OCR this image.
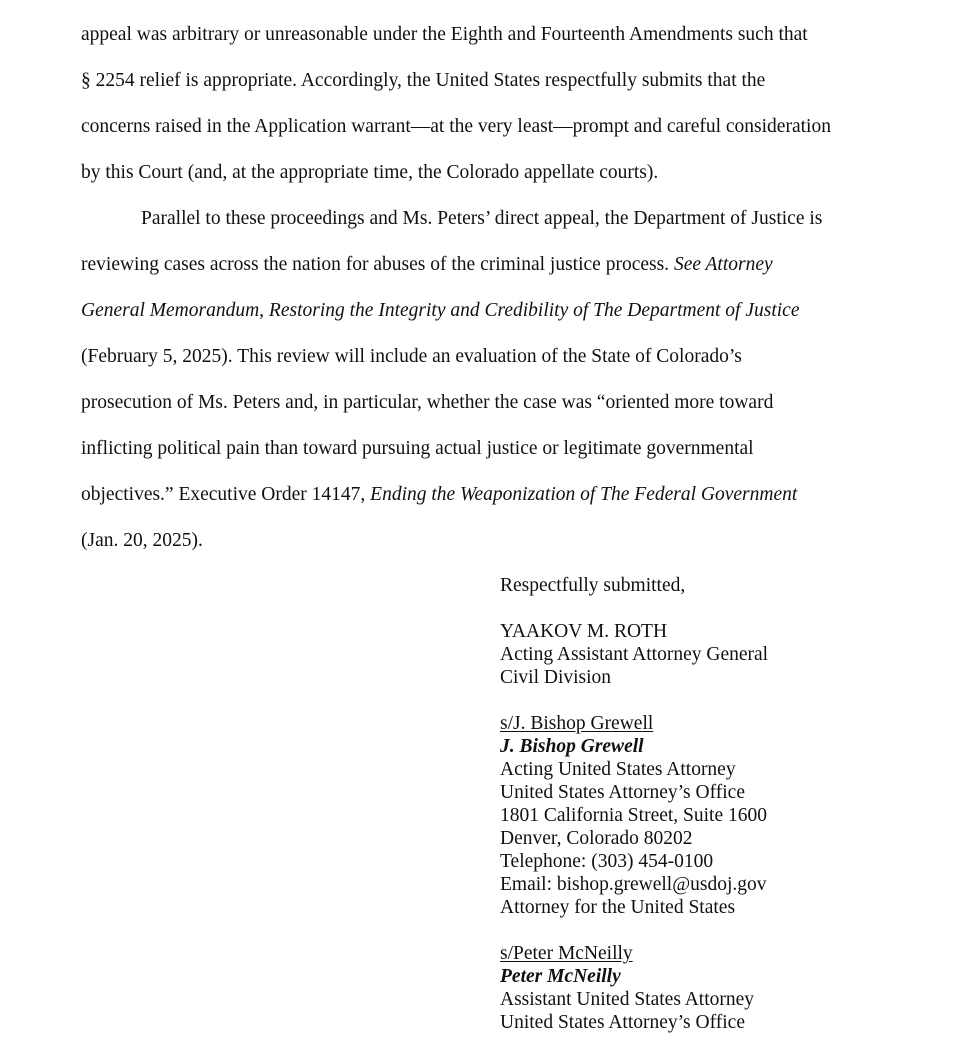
appeal was arbitrary or unreasonable under the Eighth and Fourteenth Amendments such that
§ 2254 relief is appropriate. Accordingly, the United States respectfully submits that the
concerns raised in the Application warrant—at the very least—prompt and careful consideration
by this Court (and, at the appropriate time, the Colorado appellate courts).
Parallel to these proceedings and Ms. Peters’ direct appeal, the Department of Justice is
reviewing cases across the nation for abuses of the criminal justice process. See Attorney
General Memorandum, Restoring the Integrity and Credibility of The Department of Justice
(February 5, 2025). This review will include an evaluation of the State of Colorado’s
prosecution of Ms. Peters and, in particular, whether the case was “oriented more toward
inflicting political pain than toward pursuing actual justice or legitimate governmental
objectives.” Executive Order 14147, Ending the Weaponization of The Federal Government
(Jan. 20, 2025).
Respectfully submitted,
YAAKOV M. ROTH
Acting Assistant Attorney General
Civil Division
s/J. Bishop Grewell
J. Bishop Grewell
Acting United States Attorney
United States Attorney’s Office
1801 California Street, Suite 1600
Denver, Colorado 80202
Telephone: (303) 454-0100
Email: bishop.grewell@usdoj.gov
Attorney for the United States
s/Peter McNeilly
Peter McNeilly
Assistant United States Attorney
United States Attorney’s Office
